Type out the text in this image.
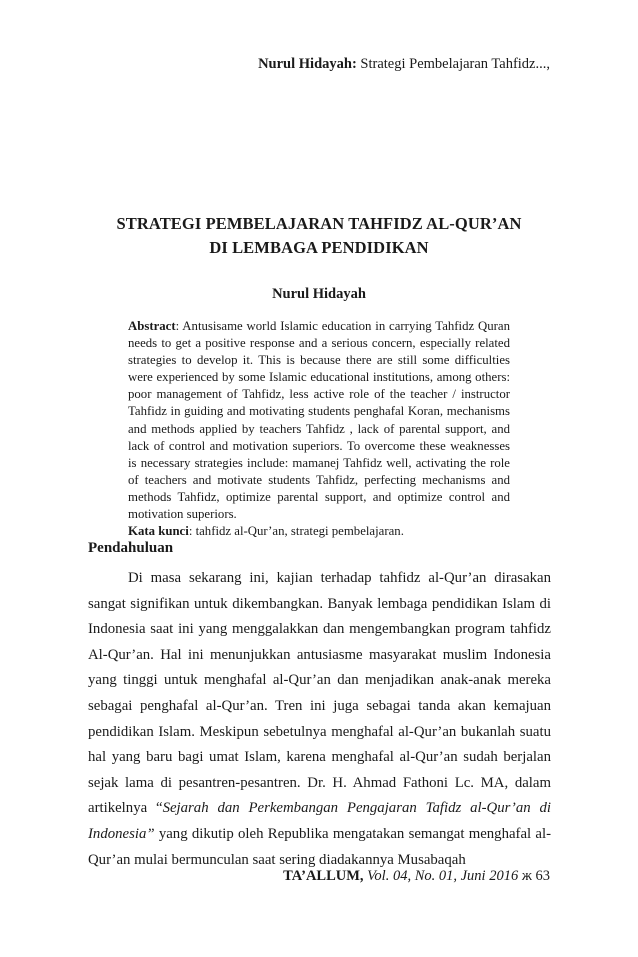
Nurul Hidayah: Strategi Pembelajaran Tahfidz...,
STRATEGI PEMBELAJARAN TAHFIDZ AL-QUR’AN
DI LEMBAGA PENDIDIKAN
Nurul Hidayah

Abstract: Antusisame world Islamic education in carrying Tahfidz Quran needs to get a positive response and a serious concern, especially related strategies to develop it. This is because there are still some difficulties were experienced by some Islamic educational institutions, among others: poor management of Tahfidz, less active role of the teacher / instructor Tahfidz in guiding and motivating students penghafal Koran, mechanisms and methods applied by teachers Tahfidz , lack of parental support, and lack of control and motivation superiors. To overcome these weaknesses is necessary strategies include: mamanej Tahfidz well, activating the role of teachers and motivate students Tahfidz, perfecting mechanisms and methods Tahfidz, optimize parental support, and optimize control and motivation superiors.

Kata kunci: tahfidz al-Qur’an, strategi pembelajaran.

Pendahuluan

Di masa sekarang ini, kajian terhadap tahfidz al-Qur’an dirasakan sangat signifikan untuk dikembangkan. Banyak lembaga pendidikan Islam di Indonesia saat ini yang menggalakkan dan mengembangkan program tahfidz Al-Qur’an. Hal ini menunjukkan antusiasme masyarakat muslim Indonesia yang tinggi untuk menghafal al-Qur’an dan menjadikan anak-anak mereka sebagai penghafal al-Qur’an. Tren ini juga sebagai tanda akan kemajuan pendidikan Islam. Meskipun sebetulnya menghafal al-Qur’an bukanlah suatu hal yang baru bagi umat Islam, karena menghafal al-Qur’an sudah berjalan sejak lama di pesantren-pesantren. Dr. H. Ahmad Fathoni Lc. MA, dalam artikelnya “Sejarah dan Perkembangan Pengajaran Tafidz al-Qur’an di Indonesia” yang dikutip oleh Republika mengatakan semangat menghafal al-Qur’an mulai bermunculan saat sering diadakannya Musabaqah

TA’ALLUM, Vol. 04, No. 01, Juni 2016 ж 63
